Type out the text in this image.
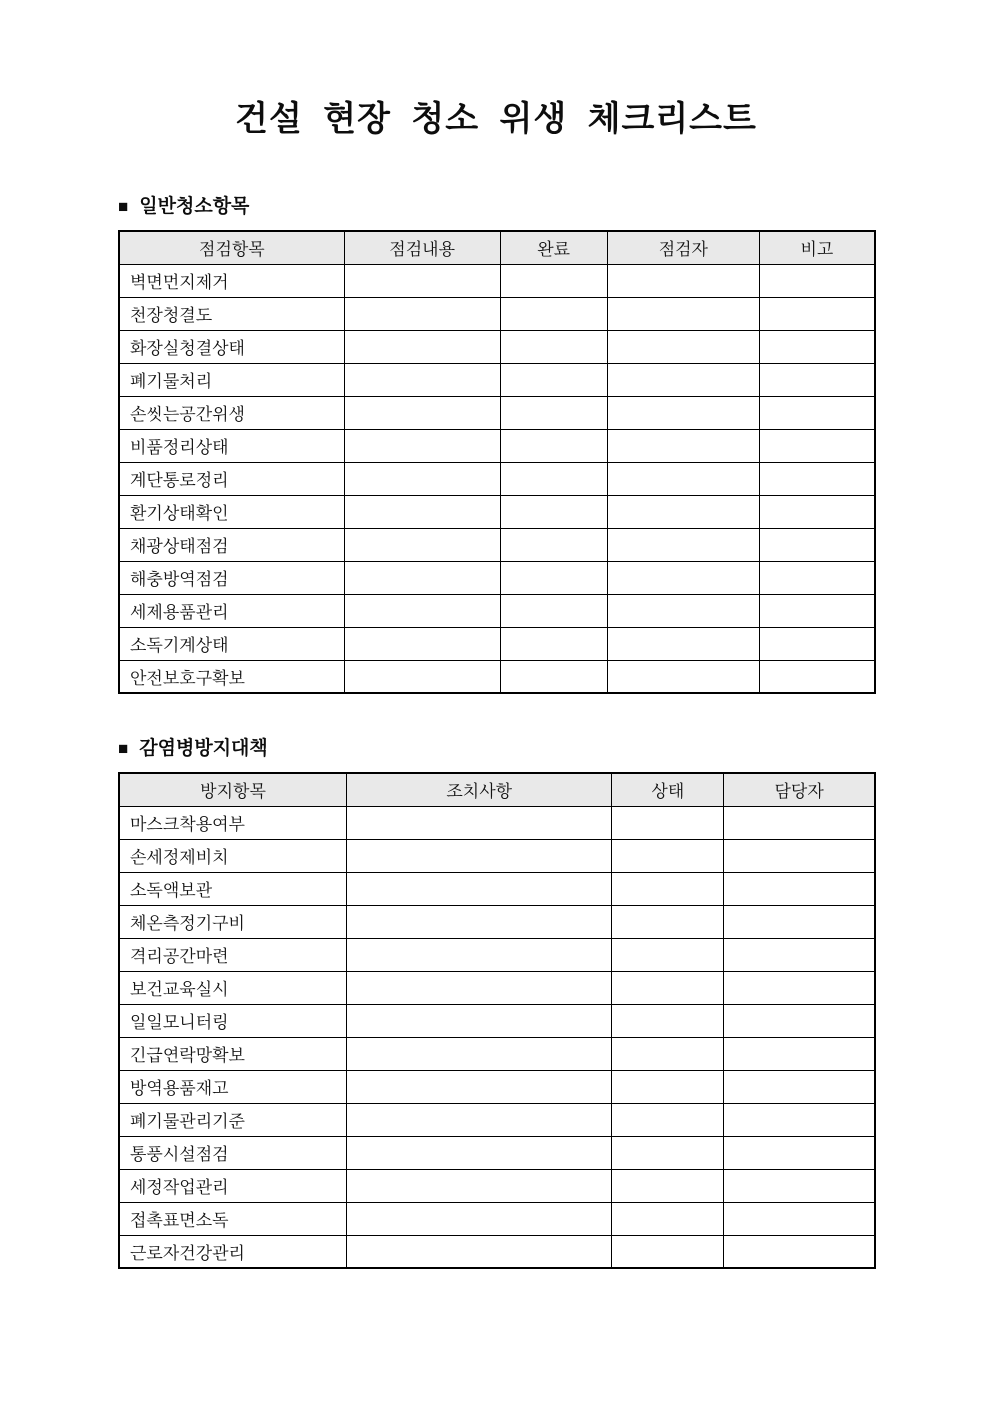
건설 현장 청소 위생 체크리스트
■ 일반청소항목
점검항목	점검내용	완료	점검자	비고
벽면먼지제거				
천장청결도				
화장실청결상태				
폐기물처리				
손씻는공간위생				
비품정리상태				
계단통로정리				
환기상태확인				
채광상태점검				
해충방역점검				
세제용품관리				
소독기계상태				
안전보호구확보				
■ 감염병방지대책
방지항목	조치사항	상태	담당자
마스크착용여부			
손세정제비치			
소독액보관			
체온측정기구비			
격리공간마련			
보건교육실시			
일일모니터링			
긴급연락망확보			
방역용품재고			
폐기물관리기준			
통풍시설점검			
세정작업관리			
접촉표면소독			
근로자건강관리			
